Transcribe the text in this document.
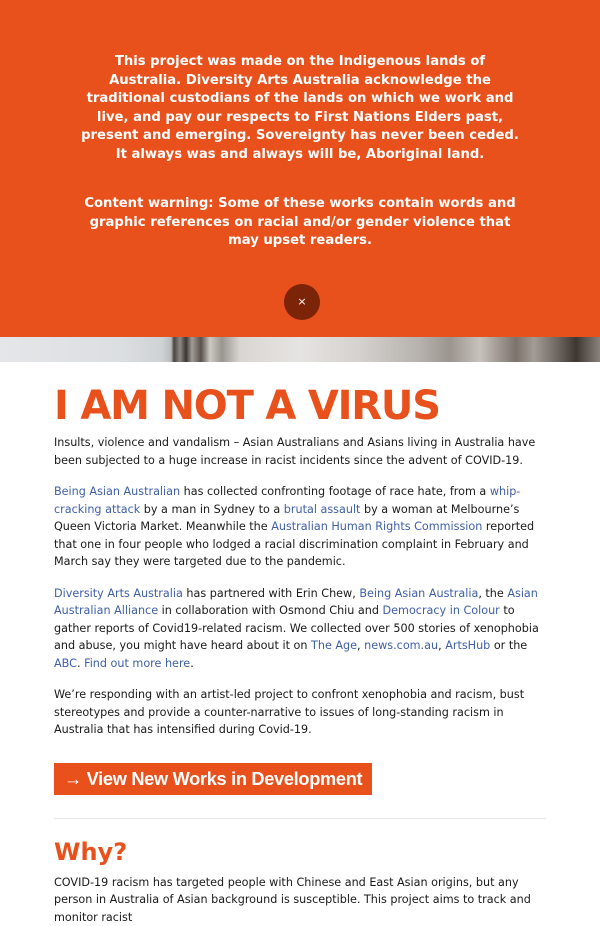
This project was made on the Indigenous lands of Australia. Diversity Arts Australia acknowledge the traditional custodians of the lands on which we work and live, and pay our respects to First Nations Elders past, present and emerging. Sovereignty has never been ceded. It always was and always will be, Aboriginal land.

Content warning: Some of these works contain words and graphic references on racial and/or gender violence that may upset readers.

×
I AM NOT A VIRUS

Insults, violence and vandalism – Asian Australians and Asians living in Australia have been subjected to a huge increase in racist incidents since the advent of COVID-19.

Being Asian Australian has collected confronting footage of race hate, from a whip-cracking attack by a man in Sydney to a brutal assault by a woman at Melbourne’s Queen Victoria Market. Meanwhile the Australian Human Rights Commission reported that one in four people who lodged a racial discrimination complaint in February and March say they were targeted due to the pandemic.

Diversity Arts Australia has partnered with Erin Chew, Being Asian Australia, the Asian Australian Alliance in collaboration with Osmond Chiu and Democracy in Colour to gather reports of Covid19-related racism. We collected over 500 stories of xenophobia and abuse, you might have heard about it on The Age, news.com.au, ArtsHub or the ABC. Find out more here.

We’re responding with an artist-led project to confront xenophobia and racism, bust stereotypes and provide a counter-narrative to issues of long-standing racism in Australia that has intensified during Covid-19.

→ View New Works in Development
Why?

COVID-19 racism has targeted people with Chinese and East Asian origins, but any person in Australia of Asian background is susceptible. This project aims to track and monitor racist
